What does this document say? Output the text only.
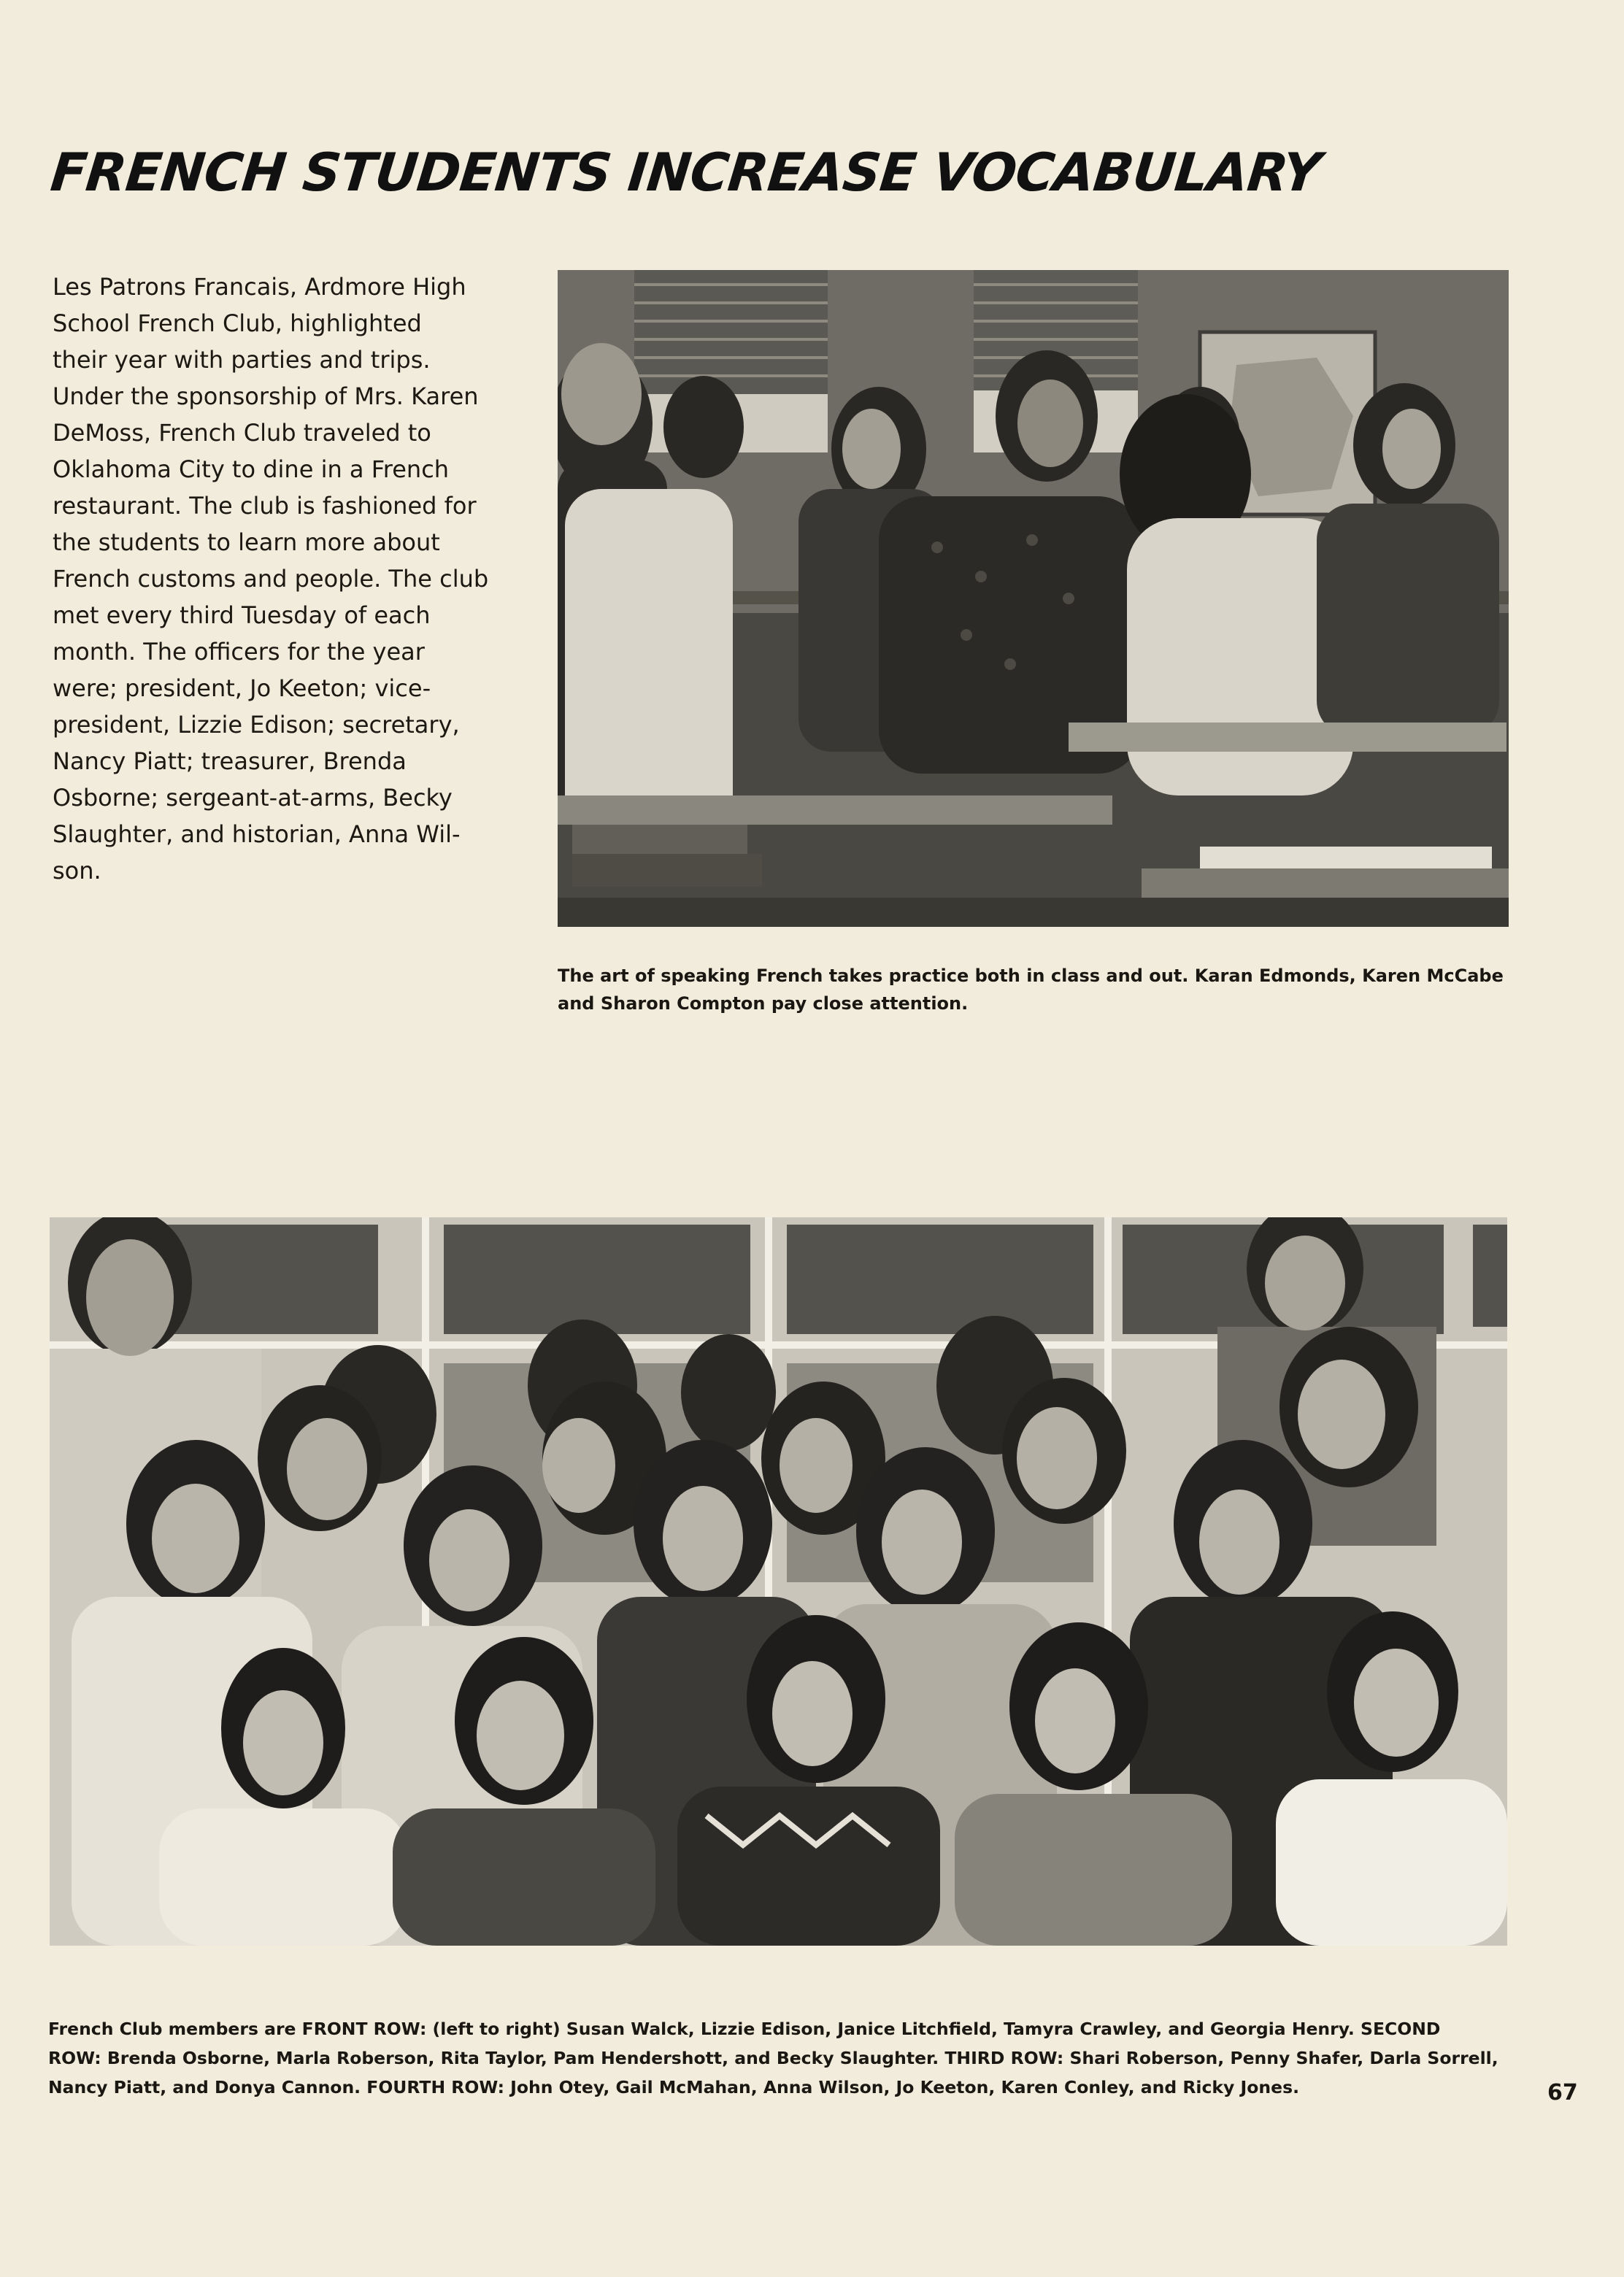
FRENCH STUDENTS INCREASE VOCABULARY

Les Patrons Francais, Ardmore High
School French Club, highlighted
their year with parties and trips.
Under the sponsorship of Mrs. Karen
DeMoss, French Club traveled to
Oklahoma City to dine in a French
restaurant. The club is fashioned for
the students to learn more about
French customs and people. The club
met every third Tuesday of each
month. The officers for the year
were; president, Jo Keeton; vice-
president, Lizzie Edison; secretary,
Nancy Piatt; treasurer, Brenda
Osborne; sergeant-at-arms, Becky
Slaughter, and historian, Anna Wil-
son.

The art of speaking French takes practice both in class and out. Karan Edmonds, Karen McCabe
and Sharon Compton pay close attention.
French Club members are FRONT ROW: (left to right) Susan Walck, Lizzie Edison, Janice Litchfield, Tamyra Crawley, and Georgia Henry. SECOND
ROW: Brenda Osborne, Marla Roberson, Rita Taylor, Pam Hendershott, and Becky Slaughter. THIRD ROW: Shari Roberson, Penny Shafer, Darla Sorrell,
Nancy Piatt, and Donya Cannon. FOURTH ROW: John Otey, Gail McMahan, Anna Wilson, Jo Keeton, Karen Conley, and Ricky Jones.	67
